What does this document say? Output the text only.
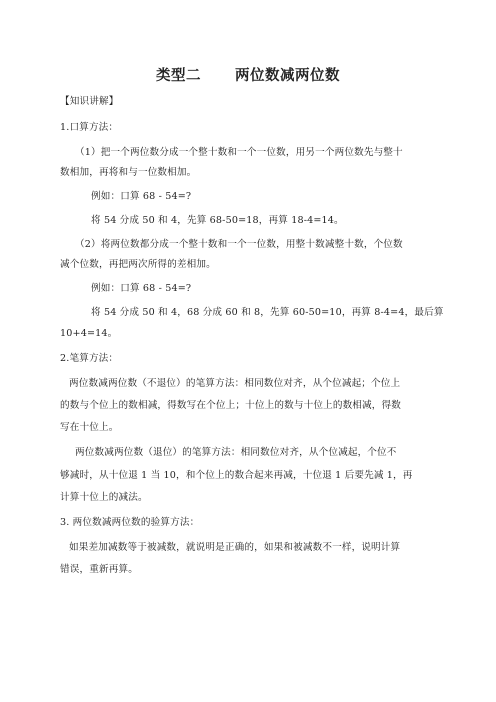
类型二 两位数减两位数
【知识讲解】
1.口算方法：
（1）把一个两位数分成一个整十数和一个一位数，用另一个两位数先与整十
数相加，再将和与一位数相加。
例如：口算 68 - 54=?
将 54 分成 50 和 4，先算 68-50=18，再算 18-4=14。
（2）将两位数都分成一个整十数和一个一位数，用整十数减整十数，个位数
减个位数，再把两次所得的差相加。
例如：口算 68 - 54=?
将 54 分成 50 和 4，68 分成 60 和 8，先算 60-50=10，再算 8-4=4，最后算
10+4=14。
2.笔算方法：
两位数减两位数（不退位）的笔算方法：相同数位对齐，从个位减起；个位上
的数与个位上的数相减，得数写在个位上；十位上的数与十位上的数相减，得数
写在十位上。
两位数减两位数（退位）的笔算方法：相同数位对齐，从个位减起，个位不
够减时，从十位退 1 当 10，和个位上的数合起来再减，十位退 1 后要先减 1，再
计算十位上的减法。
3. 两位数减两位数的验算方法：
如果差加减数等于被减数，就说明是正确的，如果和被减数不一样，说明计算
错误，重新再算。
